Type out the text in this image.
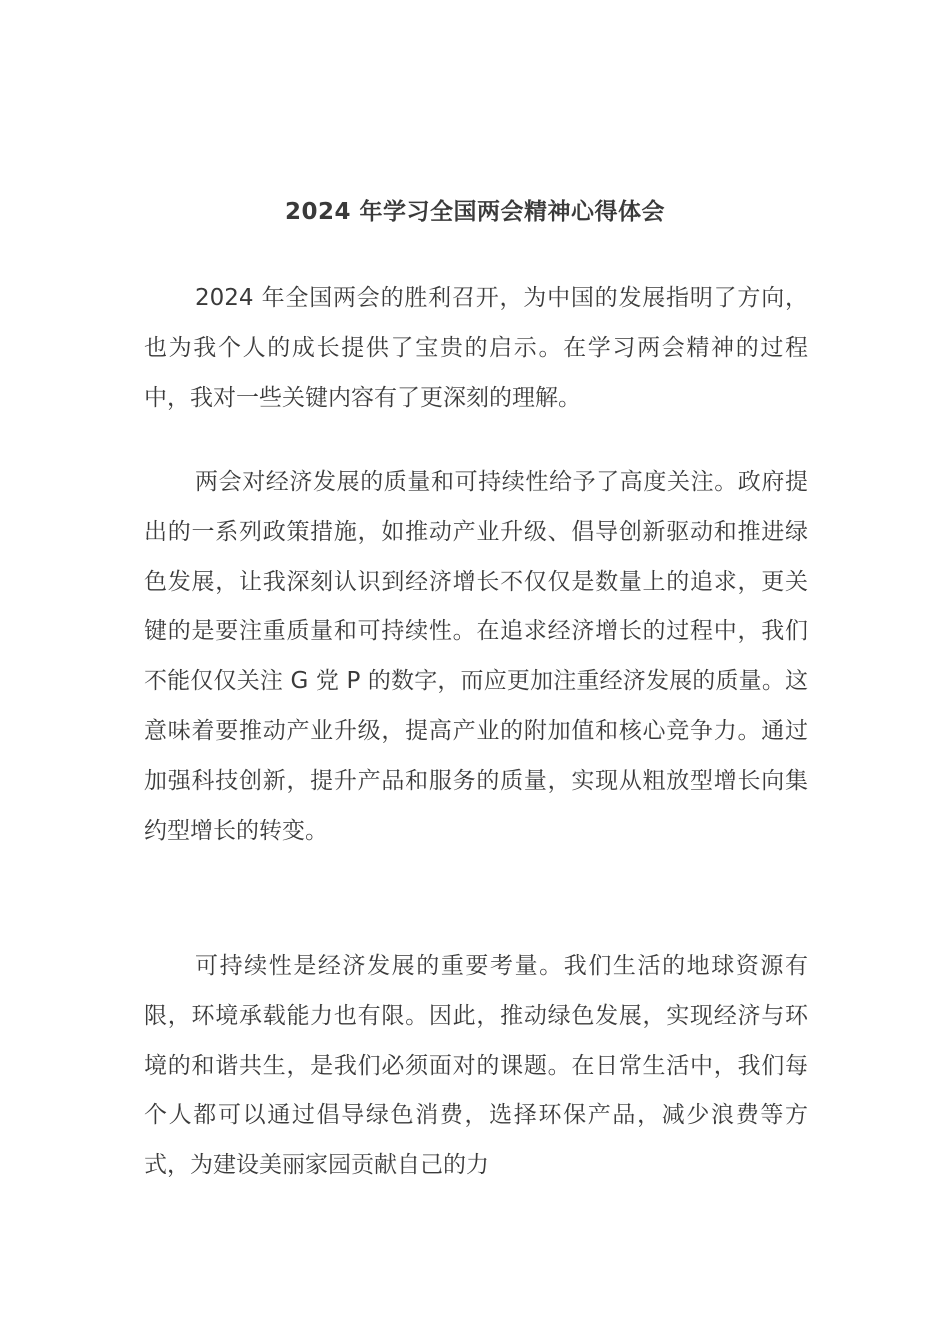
2024 年学习全国两会精神心得体会

2024 年全国两会的胜利召开，为中国的发展指明了方向，也为我个人的成长提供了宝贵的启示。在学习两会精神的过程中，我对一些关键内容有了更深刻的理解。

两会对经济发展的质量和可持续性给予了高度关注。政府提出的一系列政策措施，如推动产业升级、倡导创新驱动和推进绿色发展，让我深刻认识到经济增长不仅仅是数量上的追求，更关键的是要注重质量和可持续性。在追求经济增长的过程中，我们不能仅仅关注 G 党 P 的数字，而应更加注重经济发展的质量。这意味着要推动产业升级，提高产业的附加值和核心竞争力。通过加强科技创新，提升产品和服务的质量，实现从粗放型增长向集约型增长的转变。

可持续性是经济发展的重要考量。我们生活的地球资源有限，环境承载能力也有限。因此，推动绿色发展，实现经济与环境的和谐共生，是我们必须面对的课题。在日常生活中，我们每个人都可以通过倡导绿色消费，选择环保产品，减少浪费等方式，为建设美丽家园贡献自己的力
